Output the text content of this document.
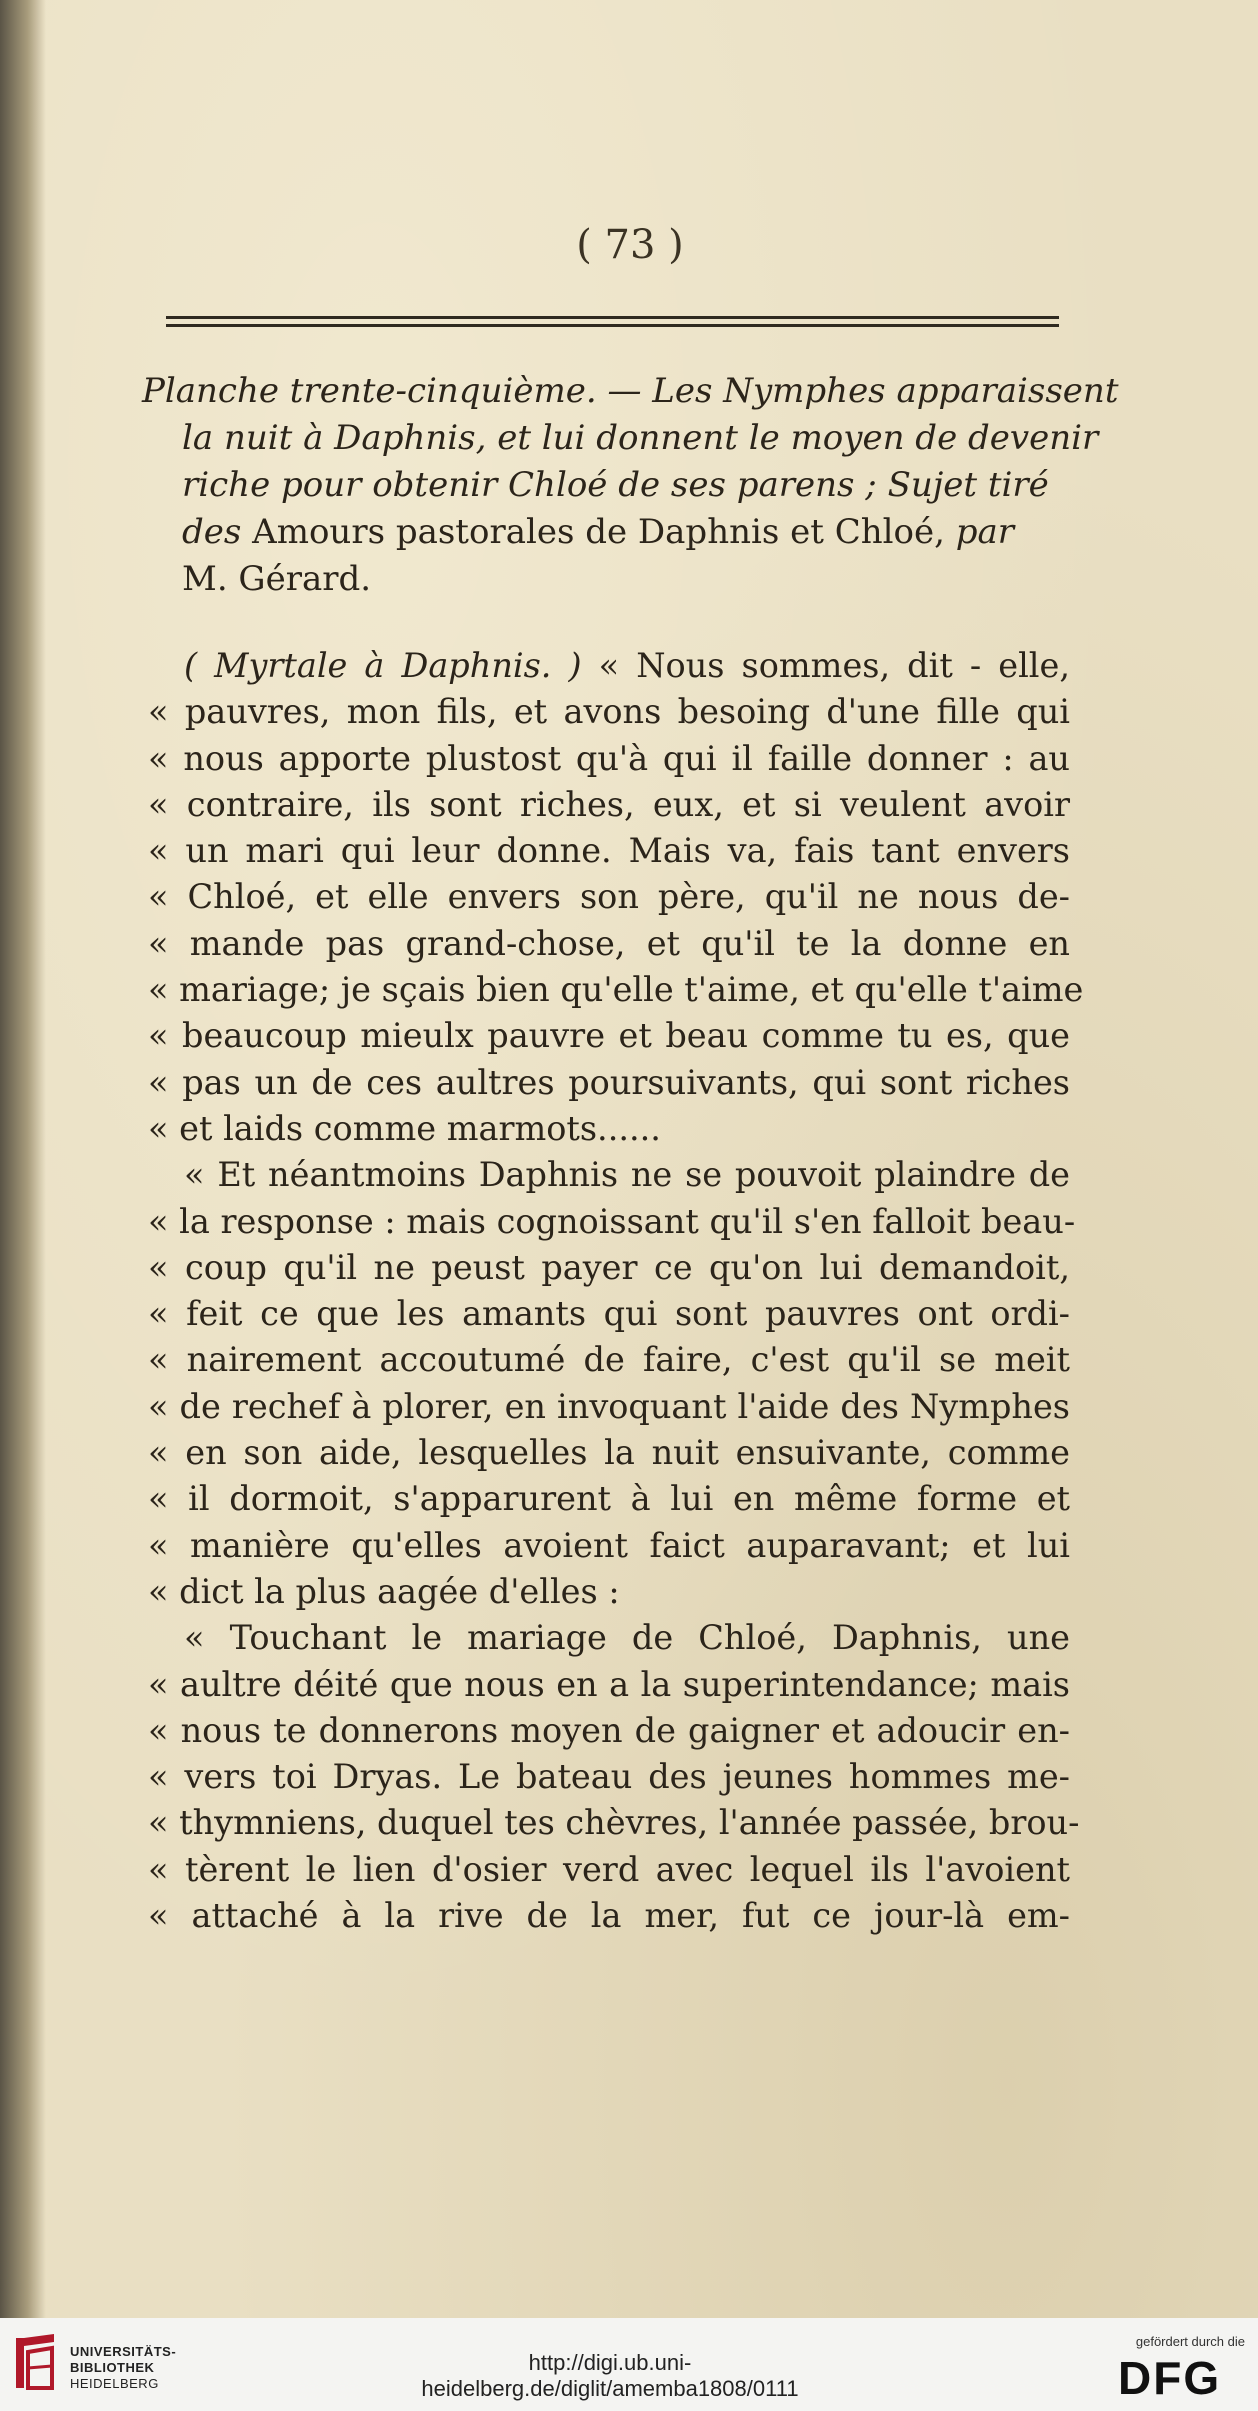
( 73 )
Planche trente-cinquième. — Les Nymphes apparaissent
la nuit à Daphnis, et lui donnent le moyen de devenir
riche pour obtenir Chloé de ses parens ; Sujet tiré
des Amours pastorales de Daphnis et Chloé, par
M. Gérard.
( Myrtale à Daphnis. ) « Nous sommes, dit - elle,
« pauvres, mon fils, et avons besoing d'une fille qui
« nous apporte plustost qu'à qui il faille donner : au
« contraire, ils sont riches, eux, et si veulent avoir
« un mari qui leur donne. Mais va, fais tant envers
« Chloé, et elle envers son père, qu'il ne nous de-
« mande pas grand-chose, et qu'il te la donne en
« mariage; je sçais bien qu'elle t'aime, et qu'elle t'aime
« beaucoup mieulx pauvre et beau comme tu es, que
« pas un de ces aultres poursuivants, qui sont riches
« et laids comme marmots......
« Et néantmoins Daphnis ne se pouvoit plaindre de
« la response : mais cognoissant qu'il s'en falloit beau-
« coup qu'il ne peust payer ce qu'on lui demandoit,
« feit ce que les amants qui sont pauvres ont ordi-
« nairement accoutumé de faire, c'est qu'il se meit
« de rechef à plorer, en invoquant l'aide des Nymphes
« en son aide, lesquelles la nuit ensuivante, comme
« il dormoit, s'apparurent à lui en même forme et
« manière qu'elles avoient faict auparavant; et lui
« dict la plus aagée d'elles :
« Touchant le mariage de Chloé, Daphnis, une
« aultre déité que nous en a la superintendance; mais
« nous te donnerons moyen de gaigner et adoucir en-
« vers toi Dryas. Le bateau des jeunes hommes me-
« thymniens, duquel tes chèvres, l'année passée, brou-
« tèrent le lien d'osier verd avec lequel ils l'avoient
« attaché à la rive de la mer, fut ce jour-là em-
UNIVERSITÄTS-
BIBLIOTHEK
HEIDELBERG
http://digi.ub.uni-heidelberg.de/diglit/amemba1808/0111
gefördert durch die
DFG
